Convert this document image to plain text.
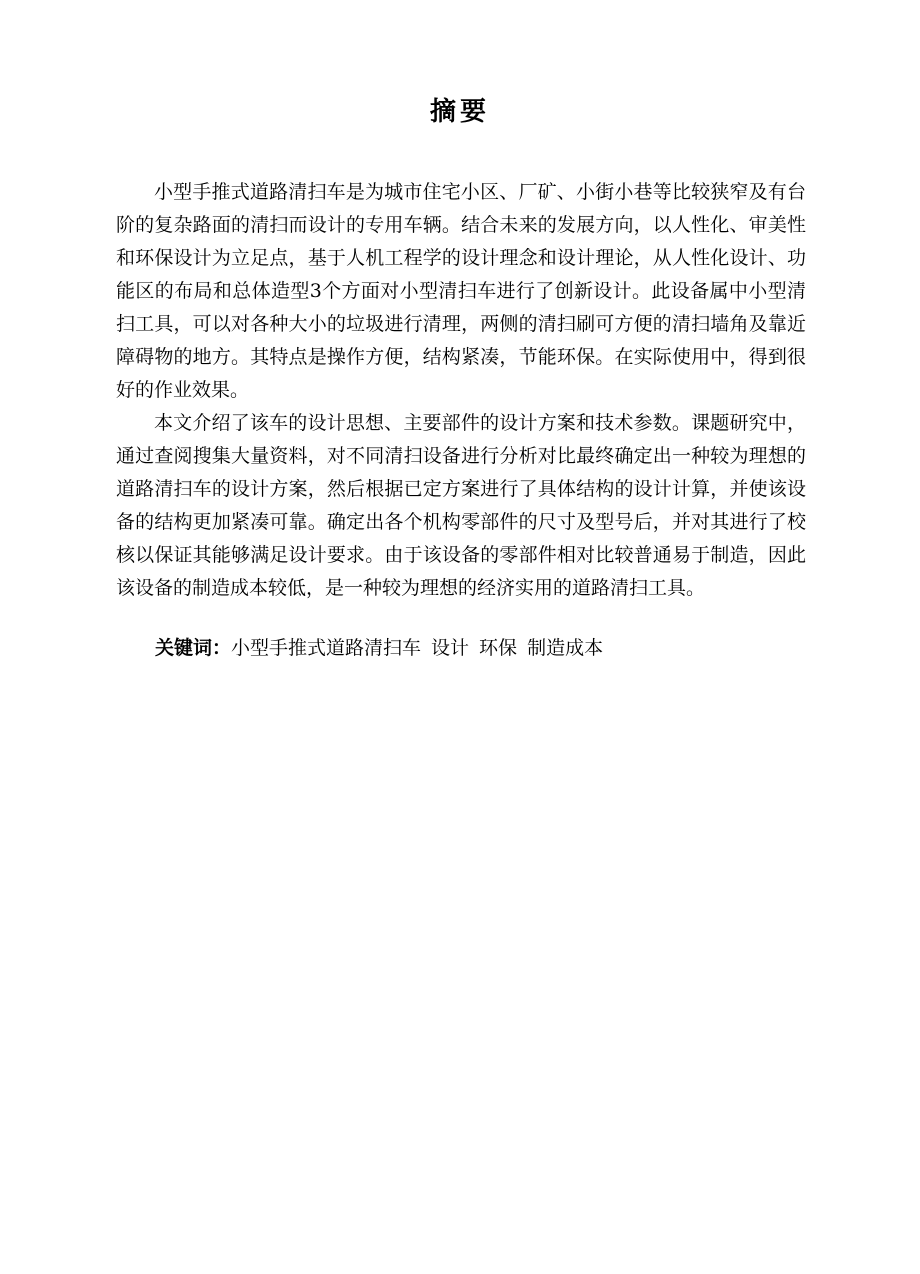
摘要

小型手推式道路清扫车是为城市住宅小区、厂矿、小街小巷等比较狭窄及有台阶的复杂路面的清扫而设计的专用车辆。结合未来的发展方向，以人性化、审美性和环保设计为立足点，基于人机工程学的设计理念和设计理论，从人性化设计、功能区的布局和总体造型3个方面对小型清扫车进行了创新设计。此设备属中小型清扫工具，可以对各种大小的垃圾进行清理，两侧的清扫刷可方便的清扫墙角及靠近障碍物的地方。其特点是操作方便，结构紧凑，节能环保。在实际使用中，得到很好的作业效果。

本文介绍了该车的设计思想、主要部件的设计方案和技术参数。课题研究中，通过查阅搜集大量资料，对不同清扫设备进行分析对比最终确定出一种较为理想的道路清扫车的设计方案，然后根据已定方案进行了具体结构的设计计算，并使该设备的结构更加紧凑可靠。确定出各个机构零部件的尺寸及型号后，并对其进行了校核以保证其能够满足设计要求。由于该设备的零部件相对比较普通易于制造，因此该设备的制造成本较低，是一种较为理想的经济实用的道路清扫工具。

关键词：小型手推式道路清扫车 设计 环保 制造成本
